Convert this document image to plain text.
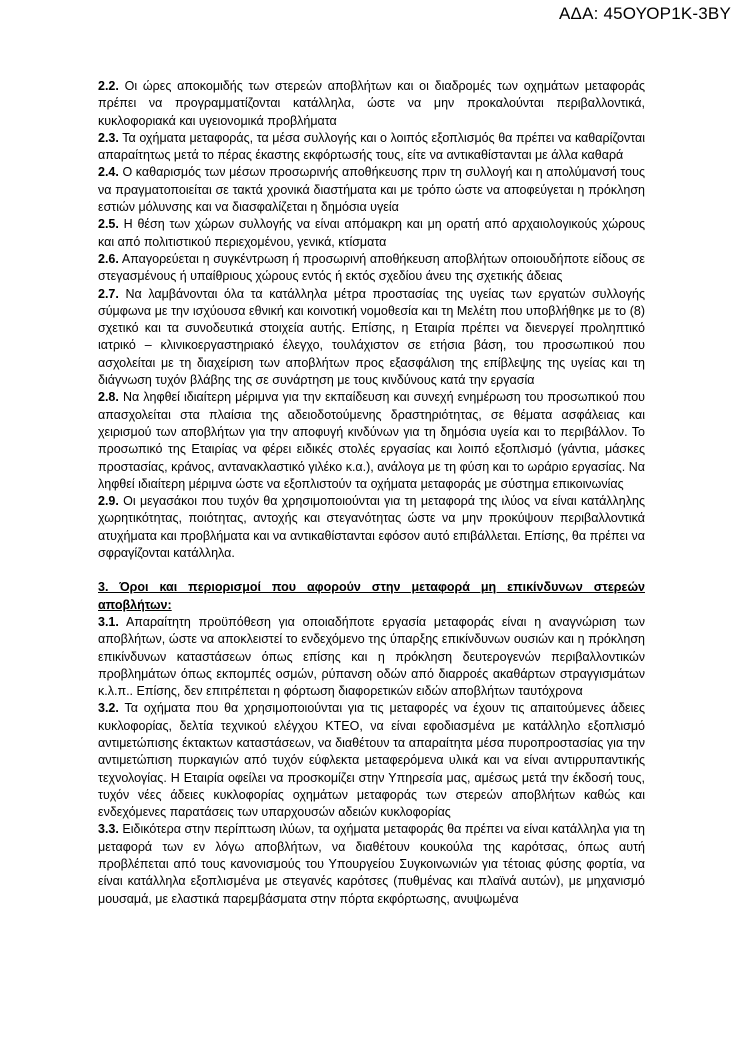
ΑΔΑ: 45ΟΥΟΡ1Κ-3ΒΥ

2.2. Οι ώρες αποκομιδής των στερεών αποβλήτων και οι διαδρομές των οχημάτων μεταφοράς πρέπει να προγραμματίζονται κατάλληλα, ώστε να μην προκαλούνται περιβαλλοντικά, κυκλοφοριακά και υγειονομικά προβλήματα

2.3. Τα οχήματα μεταφοράς, τα μέσα συλλογής και ο λοιπός εξοπλισμός θα πρέπει να καθαρίζονται απαραίτητως μετά το πέρας έκαστης εκφόρτωσής τους, είτε να αντικαθίστανται με άλλα καθαρά

2.4. Ο καθαρισμός των μέσων προσωρινής αποθήκευσης πριν τη συλλογή και η απολύμανσή τους να πραγματοποιείται σε τακτά χρονικά διαστήματα και με τρόπο ώστε να αποφεύγεται η πρόκληση εστιών μόλυνσης και να διασφαλίζεται η δημόσια υγεία

2.5. Η θέση των χώρων συλλογής να είναι απόμακρη και μη ορατή από αρχαιολογικούς χώρους και από πολιτιστικού περιεχομένου, γενικά, κτίσματα

2.6. Απαγορεύεται η συγκέντρωση ή προσωρινή αποθήκευση αποβλήτων οποιουδήποτε είδους σε στεγασμένους ή υπαίθριους χώρους εντός ή εκτός σχεδίου άνευ της σχετικής άδειας

2.7. Να λαμβάνονται όλα τα κατάλληλα μέτρα προστασίας της υγείας των εργατών συλλογής σύμφωνα με την ισχύουσα εθνική και κοινοτική νομοθεσία και τη Μελέτη που υποβλήθηκε με το (8) σχετικό και τα συνοδευτικά στοιχεία αυτής. Επίσης, η Εταιρία πρέπει να διενεργεί προληπτικό ιατρικό – κλινικοεργαστηριακό έλεγχο, τουλάχιστον σε ετήσια βάση, του προσωπικού που ασχολείται με τη διαχείριση των αποβλήτων προς εξασφάλιση της επίβλεψης της υγείας και τη διάγνωση τυχόν βλάβης της σε συνάρτηση με τους κινδύνους κατά την εργασία

2.8. Να ληφθεί ιδιαίτερη μέριμνα για την εκπαίδευση και συνεχή ενημέρωση του προσωπικού που απασχολείται στα πλαίσια της αδειοδοτούμενης δραστηριότητας, σε θέματα ασφάλειας και χειρισμού των αποβλήτων για την αποφυγή κινδύνων για τη δημόσια υγεία και το περιβάλλον. Το προσωπικό της Εταιρίας να φέρει ειδικές στολές εργασίας και λοιπό εξοπλισμό (γάντια, μάσκες προστασίας, κράνος, αντανακλαστικό γιλέκο κ.α.), ανάλογα με τη φύση και το ωράριο εργασίας. Να ληφθεί ιδιαίτερη μέριμνα ώστε να εξοπλιστούν τα οχήματα μεταφοράς με σύστημα επικοινωνίας

2.9. Οι μεγασάκοι που τυχόν θα χρησιμοποιούνται για τη μεταφορά της ιλύος να είναι κατάλληλης χωρητικότητας, ποιότητας, αντοχής και στεγανότητας ώστε να μην προκύψουν περιβαλλοντικά ατυχήματα και προβλήματα και να αντικαθίστανται εφόσον αυτό επιβάλλεται. Επίσης, θα πρέπει να σφραγίζονται κατάλληλα.

3. Όροι και περιορισμοί που αφορούν στην μεταφορά μη επικίνδυνων στερεών αποβλήτων:

3.1. Απαραίτητη προϋπόθεση για οποιαδήποτε εργασία μεταφοράς είναι η αναγνώριση των αποβλήτων, ώστε να αποκλειστεί το ενδεχόμενο της ύπαρξης επικίνδυνων ουσιών και η πρόκληση επικίνδυνων καταστάσεων όπως επίσης και η πρόκληση δευτερογενών περιβαλλοντικών προβλημάτων όπως εκπομπές οσμών, ρύπανση οδών από διαρροές ακαθάρτων στραγγισμάτων κ.λ.π.. Επίσης, δεν επιτρέπεται η φόρτωση διαφορετικών ειδών αποβλήτων ταυτόχρονα

3.2. Τα οχήματα που θα χρησιμοποιούνται για τις μεταφορές να έχουν τις απαιτούμενες άδειες κυκλοφορίας, δελτία τεχνικού ελέγχου ΚΤΕΟ, να είναι εφοδιασμένα με κατάλληλο εξοπλισμό αντιμετώπισης έκτακτων καταστάσεων, να διαθέτουν τα απαραίτητα μέσα πυροπροστασίας για την αντιμετώπιση πυρκαγιών από τυχόν εύφλεκτα μεταφερόμενα υλικά και να είναι αντιρρυπαντικής τεχνολογίας. Η Εταιρία οφείλει να προσκομίζει στην Υπηρεσία μας, αμέσως μετά την έκδοσή τους, τυχόν νέες άδειες κυκλοφορίας οχημάτων μεταφοράς των στερεών αποβλήτων καθώς και ενδεχόμενες παρατάσεις των υπαρχουσών αδειών κυκλοφορίας

3.3. Ειδικότερα στην περίπτωση ιλύων, τα οχήματα μεταφοράς θα πρέπει να είναι κατάλληλα για τη μεταφορά των εν λόγω αποβλήτων, να διαθέτουν κουκούλα της καρότσας, όπως αυτή προβλέπεται από τους κανονισμούς του Υπουργείου Συγκοινωνιών για τέτοιας φύσης φορτία, να είναι κατάλληλα εξοπλισμένα με στεγανές καρότσες (πυθμένας και πλαϊνά αυτών), με μηχανισμό μουσαμά, με ελαστικά παρεμβάσματα στην πόρτα εκφόρτωσης, ανυψωμένα
